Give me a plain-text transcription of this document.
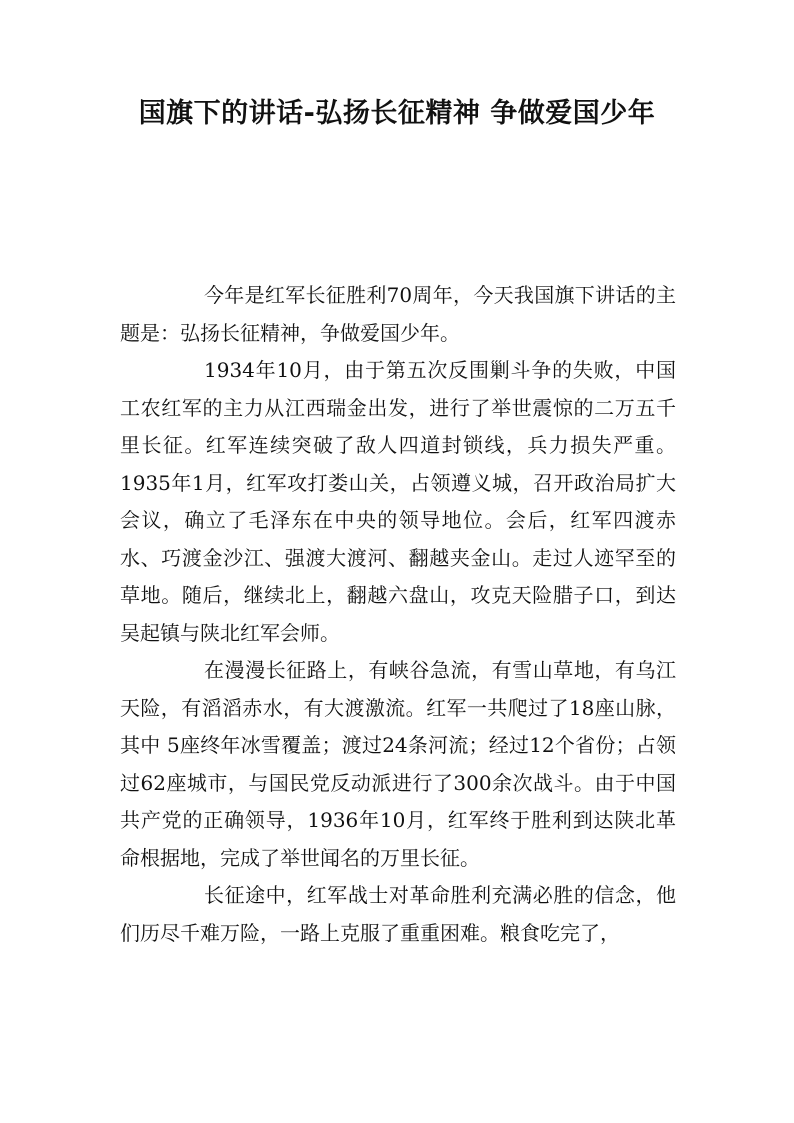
国旗下的讲话-弘扬长征精神 争做爱国少年

今年是红军长征胜利70周年，今天我国旗下讲话的主题是：弘扬长征精神，争做爱国少年。

1934年10月，由于第五次反围剿斗争的失败，中国工农红军的主力从江西瑞金出发，进行了举世震惊的二万五千里长征。红军连续突破了敌人四道封锁线，兵力损失严重。1935年1月，红军攻打娄山关，占领遵义城，召开政治局扩大会议，确立了毛泽东在中央的领导地位。会后，红军四渡赤水、巧渡金沙江、强渡大渡河、翻越夹金山。走过人迹罕至的草地。随后，继续北上，翻越六盘山，攻克天险腊子口，到达吴起镇与陕北红军会师。

在漫漫长征路上，有峡谷急流，有雪山草地，有乌江天险，有滔滔赤水，有大渡激流。红军一共爬过了18座山脉，其中 5座终年冰雪覆盖；渡过24条河流；经过12个省份；占领过62座城市，与国民党反动派进行了300余次战斗。由于中国共产党的正确领导，1936年10月，红军终于胜利到达陕北革命根据地，完成了举世闻名的万里长征。

长征途中，红军战士对革命胜利充满必胜的信念，他们历尽千难万险，一路上克服了重重困难。粮食吃完了，
